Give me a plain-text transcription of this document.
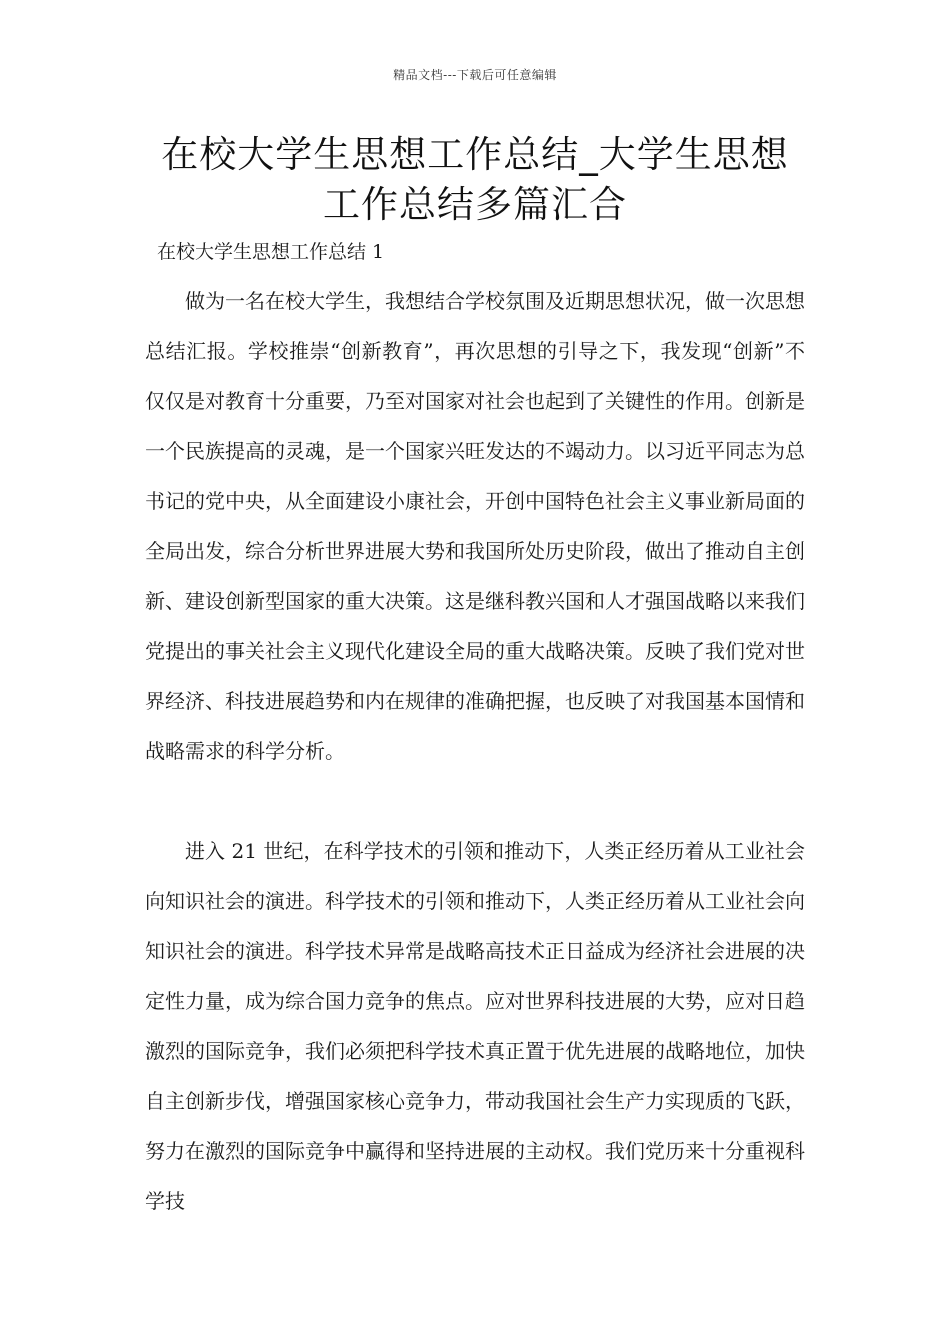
精品文档---下载后可任意编辑
在校大学生思想工作总结_大学生思想
工作总结多篇汇合
在校大学生思想工作总结 1

做为一名在校大学生，我想结合学校氛围及近期思想状况，做一次思想总结汇报。学校推崇“创新教育”，再次思想的引导之下，我发现“创新”不仅仅是对教育十分重要，乃至对国家对社会也起到了关键性的作用。创新是一个民族提高的灵魂，是一个国家兴旺发达的不竭动力。以习近平同志为总书记的党中央，从全面建设小康社会，开创中国特色社会主义事业新局面的全局出发，综合分析世界进展大势和我国所处历史阶段，做出了推动自主创新、建设创新型国家的重大决策。这是继科教兴国和人才强国战略以来我们党提出的事关社会主义现代化建设全局的重大战略决策。反映了我们党对世界经济、科技进展趋势和内在规律的准确把握，也反映了对我国基本国情和战略需求的科学分析。

进入 21 世纪，在科学技术的引领和推动下，人类正经历着从工业社会向知识社会的演进。科学技术的引领和推动下，人类正经历着从工业社会向知识社会的演进。科学技术异常是战略高技术正日益成为经济社会进展的决定性力量，成为综合国力竞争的焦点。应对世界科技进展的大势，应对日趋激烈的国际竞争，我们必须把科学技术真正置于优先进展的战略地位，加快自主创新步伐，增强国家核心竞争力，带动我国社会生产力实现质的飞跃，努力在激烈的国际竞争中赢得和坚持进展的主动权。我们党历来十分重视科学技
